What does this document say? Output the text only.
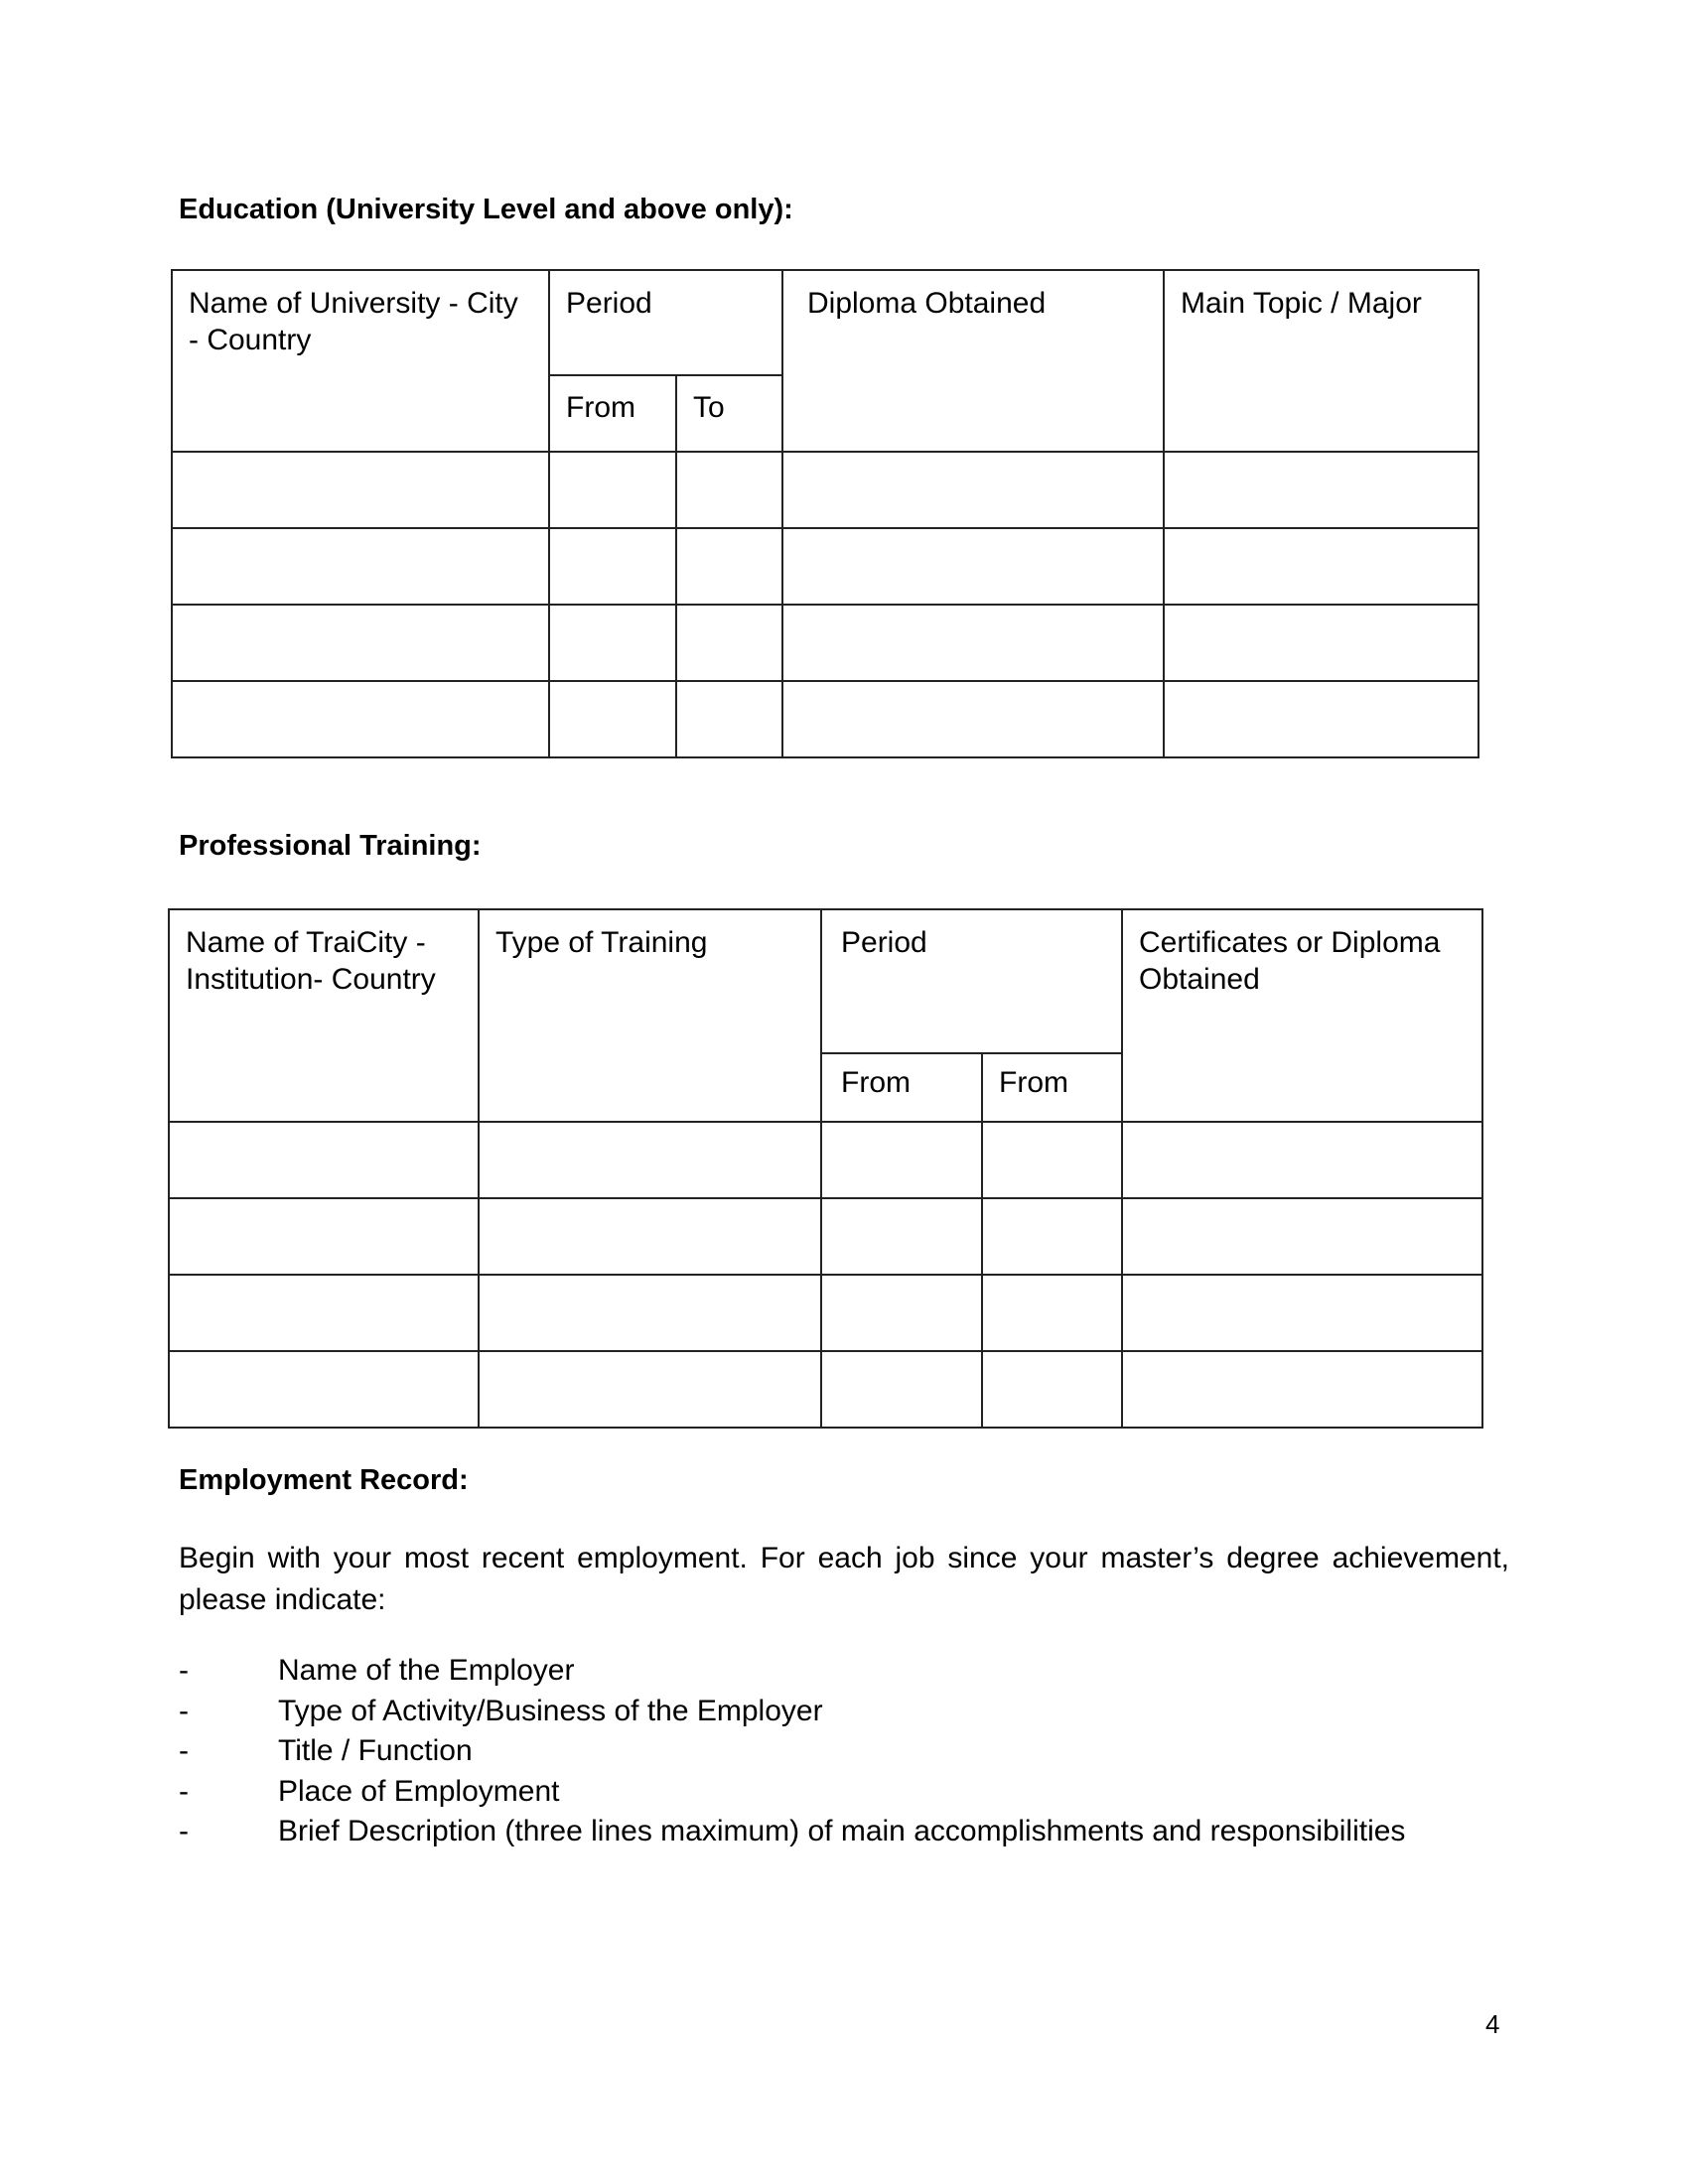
Education (University Level and above only):
Name of University - City - Country	Period		Diploma Obtained	Main Topic / Major
	From	To		

Professional Training:
Name of TraiCity - Institution- Country	Type of Training	Period		Certificates or Diploma Obtained
		From	From	

Employment Record:

Begin with your most recent employment. For each job since your master’s degree achievement, please indicate:

-	Name of the Employer
-	Type of Activity/Business of the Employer
-	Title / Function
-	Place of Employment
-	Brief Description (three lines maximum) of main accomplishments and responsibilities
4
